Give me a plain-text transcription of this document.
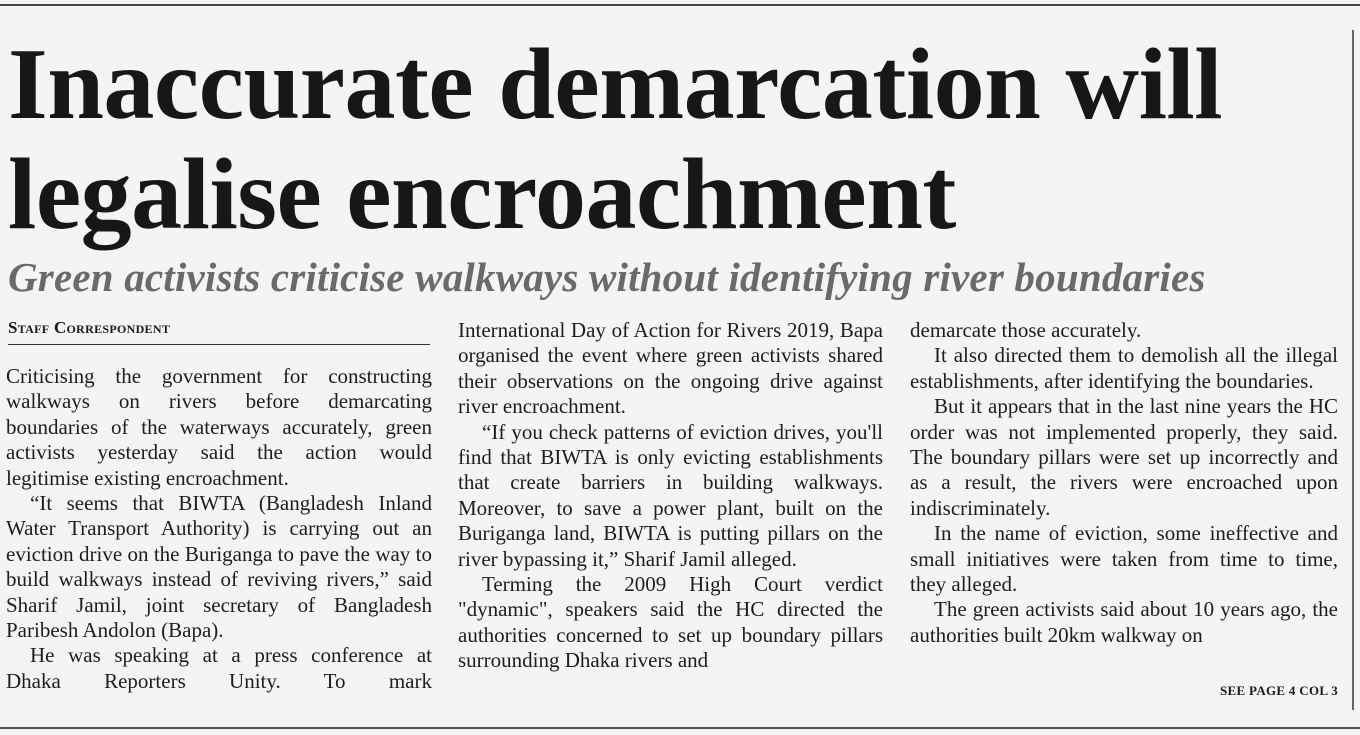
Inaccurate demarcation will legalise encroachment
Green activists criticise walkways without identifying river boundaries
Staff Correspondent

Criticising the government for constructing walkways on rivers before demarcating boundaries of the waterways accurately, green activists yesterday said the action would legitimise existing encroachment.

“It seems that BIWTA (Bangladesh Inland Water Transport Authority) is carrying out an eviction drive on the Buriganga to pave the way to build walkways instead of reviving rivers,” said Sharif Jamil, joint secretary of Bangladesh Paribesh Andolon (Bapa).

He was speaking at a press conference at Dhaka Reporters Unity. To mark

International Day of Action for Rivers 2019, Bapa organised the event where green activists shared their observations on the ongoing drive against river encroachment.

“If you check patterns of eviction drives, you'll find that BIWTA is only evicting establishments that create barriers in building walkways. Moreover, to save a power plant, built on the Buriganga land, BIWTA is putting pillars on the river bypassing it,” Sharif Jamil alleged.

Terming the 2009 High Court verdict "dynamic", speakers said the HC directed the authorities concerned to set up boundary pillars surrounding Dhaka rivers and

demarcate those accurately.

It also directed them to demolish all the illegal establishments, after identifying the boundaries.

But it appears that in the last nine years the HC order was not implemented properly, they said. The boundary pillars were set up incorrectly and as a result, the rivers were encroached upon indiscriminately.

In the name of eviction, some ineffective and small initiatives were taken from time to time, they alleged.

The green activists said about 10 years ago, the authorities built 20km walkway on

SEE PAGE 4 COL 3
